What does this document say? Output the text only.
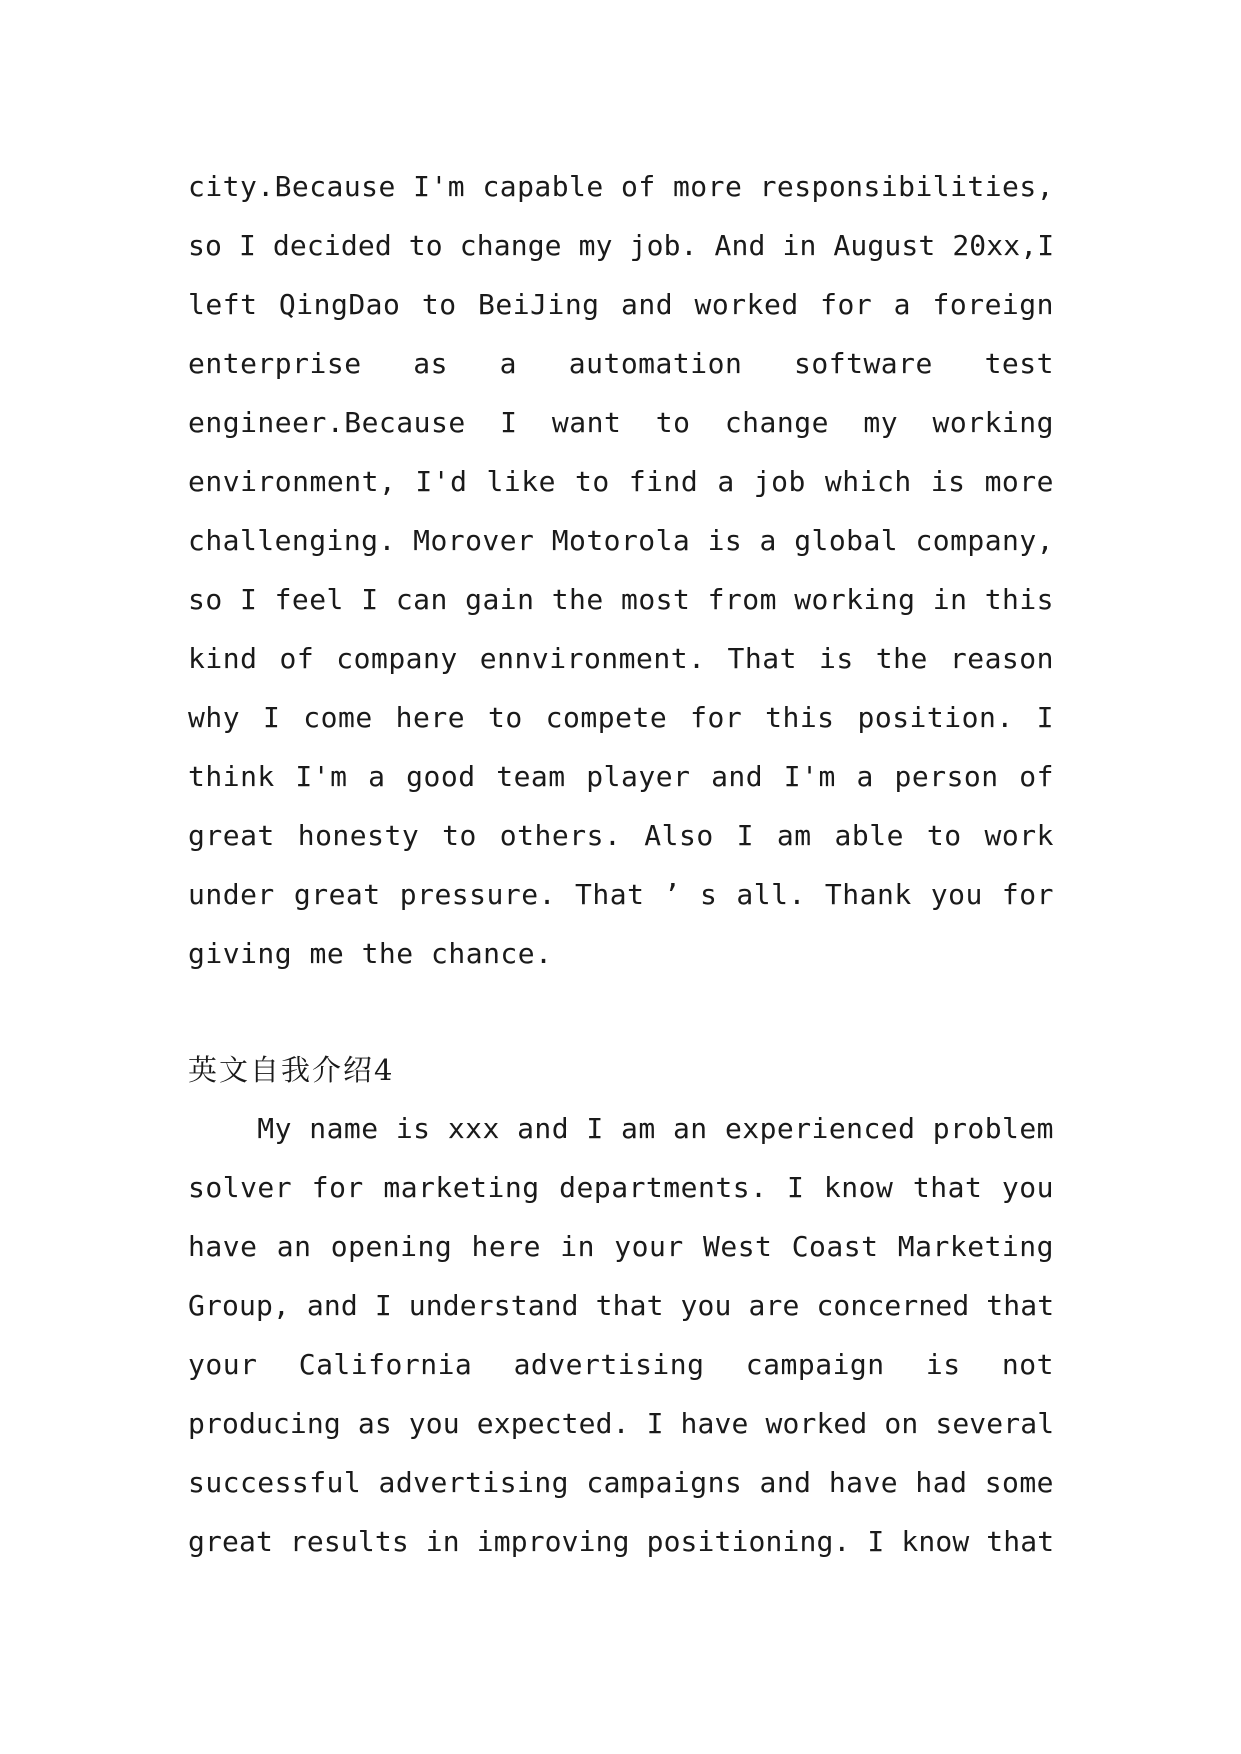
city.Because I'm capable of more responsibilities,
so I decided to change my job. And in August 20xx,I
left QingDao to BeiJing and worked for a foreign
enterprise as a automation software test
engineer.Because I want to change my working
environment, I'd like to find a job which is more
challenging. Morover Motorola is a global company,
so I feel I can gain the most from working in this
kind of company ennvironment. That is the reason
why I come here to compete for this position. I
think I'm a good team player and I'm a person of
great honesty to others. Also I am able to work
under great pressure. That ’ s all. Thank you for
giving me the chance.
英文自我介绍4
My name is xxx and I am an experienced problem
solver for marketing departments. I know that you
have an opening here in your West Coast Marketing
Group, and I understand that you are concerned that
your California advertising campaign is not
producing as you expected. I have worked on several
successful advertising campaigns and have had some
great results in improving positioning. I know that
